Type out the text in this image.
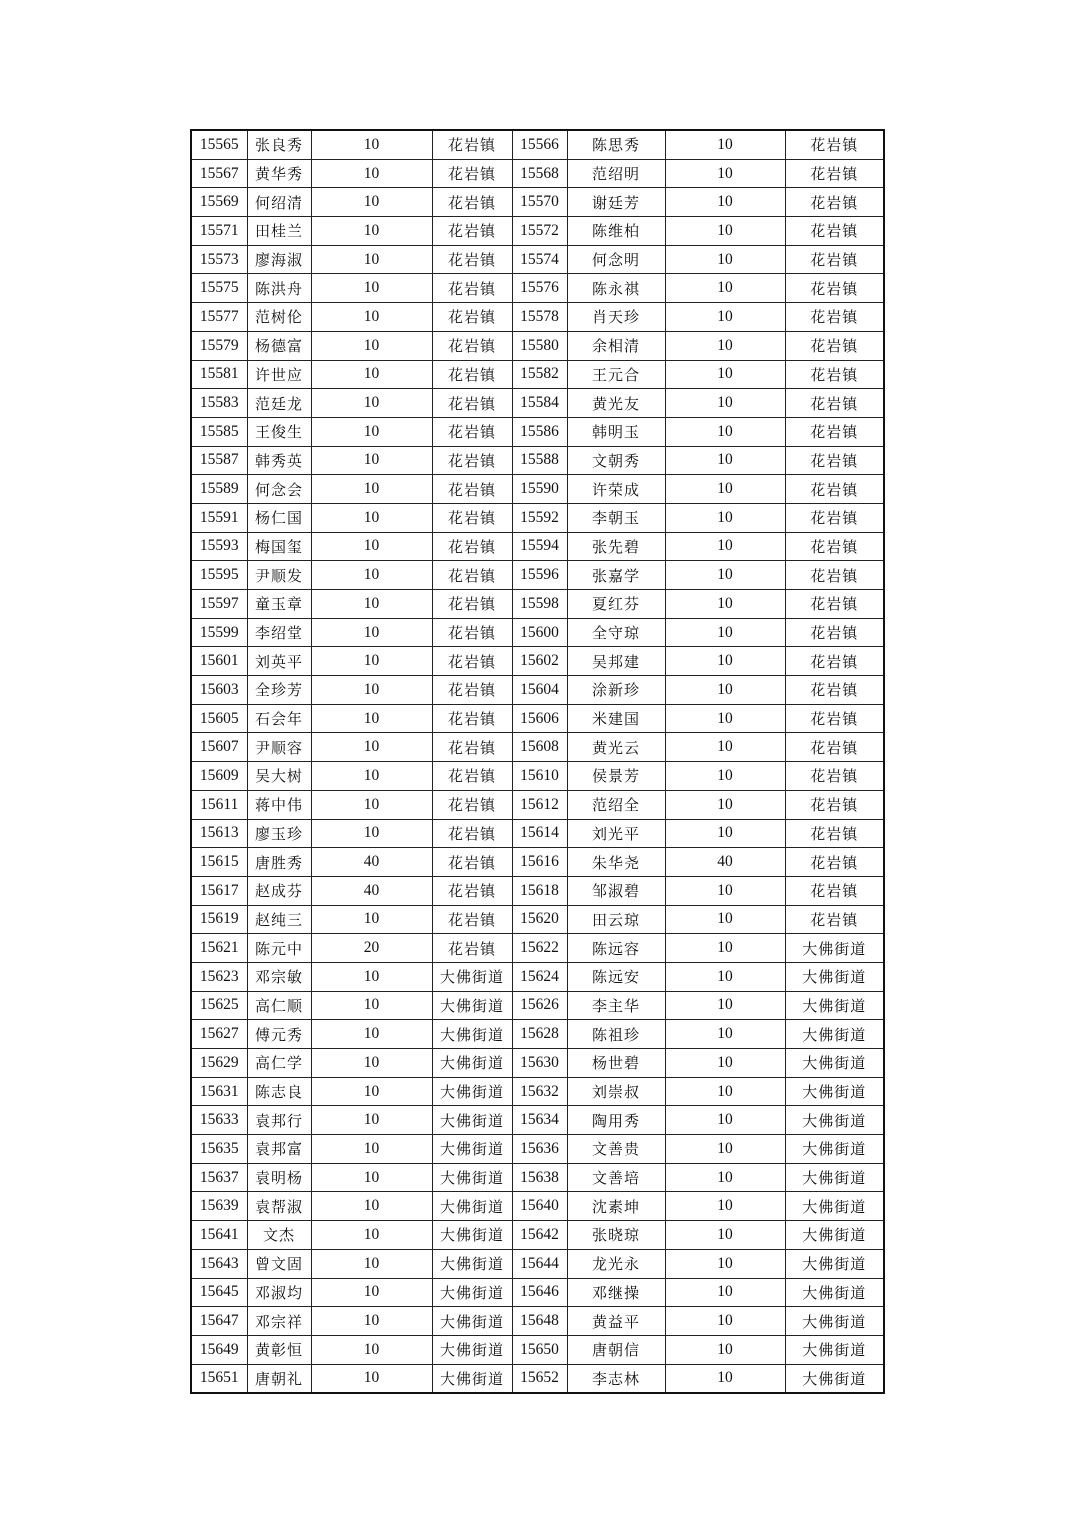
15565	张良秀	10	花岩镇	15566	陈思秀	10	花岩镇
15567	黄华秀	10	花岩镇	15568	范绍明	10	花岩镇
15569	何绍清	10	花岩镇	15570	谢廷芳	10	花岩镇
15571	田桂兰	10	花岩镇	15572	陈维柏	10	花岩镇
15573	廖海淑	10	花岩镇	15574	何念明	10	花岩镇
15575	陈洪舟	10	花岩镇	15576	陈永祺	10	花岩镇
15577	范树伦	10	花岩镇	15578	肖天珍	10	花岩镇
15579	杨德富	10	花岩镇	15580	余相清	10	花岩镇
15581	许世应	10	花岩镇	15582	王元合	10	花岩镇
15583	范廷龙	10	花岩镇	15584	黄光友	10	花岩镇
15585	王俊生	10	花岩镇	15586	韩明玉	10	花岩镇
15587	韩秀英	10	花岩镇	15588	文朝秀	10	花岩镇
15589	何念会	10	花岩镇	15590	许荣成	10	花岩镇
15591	杨仁国	10	花岩镇	15592	李朝玉	10	花岩镇
15593	梅国玺	10	花岩镇	15594	张先碧	10	花岩镇
15595	尹顺发	10	花岩镇	15596	张嘉学	10	花岩镇
15597	童玉章	10	花岩镇	15598	夏红芬	10	花岩镇
15599	李绍堂	10	花岩镇	15600	全守琼	10	花岩镇
15601	刘英平	10	花岩镇	15602	吴邦建	10	花岩镇
15603	全珍芳	10	花岩镇	15604	涂新珍	10	花岩镇
15605	石会年	10	花岩镇	15606	米建国	10	花岩镇
15607	尹顺容	10	花岩镇	15608	黄光云	10	花岩镇
15609	吴大树	10	花岩镇	15610	侯景芳	10	花岩镇
15611	蒋中伟	10	花岩镇	15612	范绍全	10	花岩镇
15613	廖玉珍	10	花岩镇	15614	刘光平	10	花岩镇
15615	唐胜秀	40	花岩镇	15616	朱华尧	40	花岩镇
15617	赵成芬	40	花岩镇	15618	邹淑碧	10	花岩镇
15619	赵纯三	10	花岩镇	15620	田云琼	10	花岩镇
15621	陈元中	20	花岩镇	15622	陈远容	10	大佛街道
15623	邓宗敏	10	大佛街道	15624	陈远安	10	大佛街道
15625	高仁顺	10	大佛街道	15626	李主华	10	大佛街道
15627	傅元秀	10	大佛街道	15628	陈祖珍	10	大佛街道
15629	高仁学	10	大佛街道	15630	杨世碧	10	大佛街道
15631	陈志良	10	大佛街道	15632	刘崇叔	10	大佛街道
15633	袁邦行	10	大佛街道	15634	陶用秀	10	大佛街道
15635	袁邦富	10	大佛街道	15636	文善贵	10	大佛街道
15637	袁明杨	10	大佛街道	15638	文善培	10	大佛街道
15639	袁帮淑	10	大佛街道	15640	沈素坤	10	大佛街道
15641	文杰	10	大佛街道	15642	张晓琼	10	大佛街道
15643	曾文固	10	大佛街道	15644	龙光永	10	大佛街道
15645	邓淑均	10	大佛街道	15646	邓继操	10	大佛街道
15647	邓宗祥	10	大佛街道	15648	黄益平	10	大佛街道
15649	黄彰恒	10	大佛街道	15650	唐朝信	10	大佛街道
15651	唐朝礼	10	大佛街道	15652	李志林	10	大佛街道
